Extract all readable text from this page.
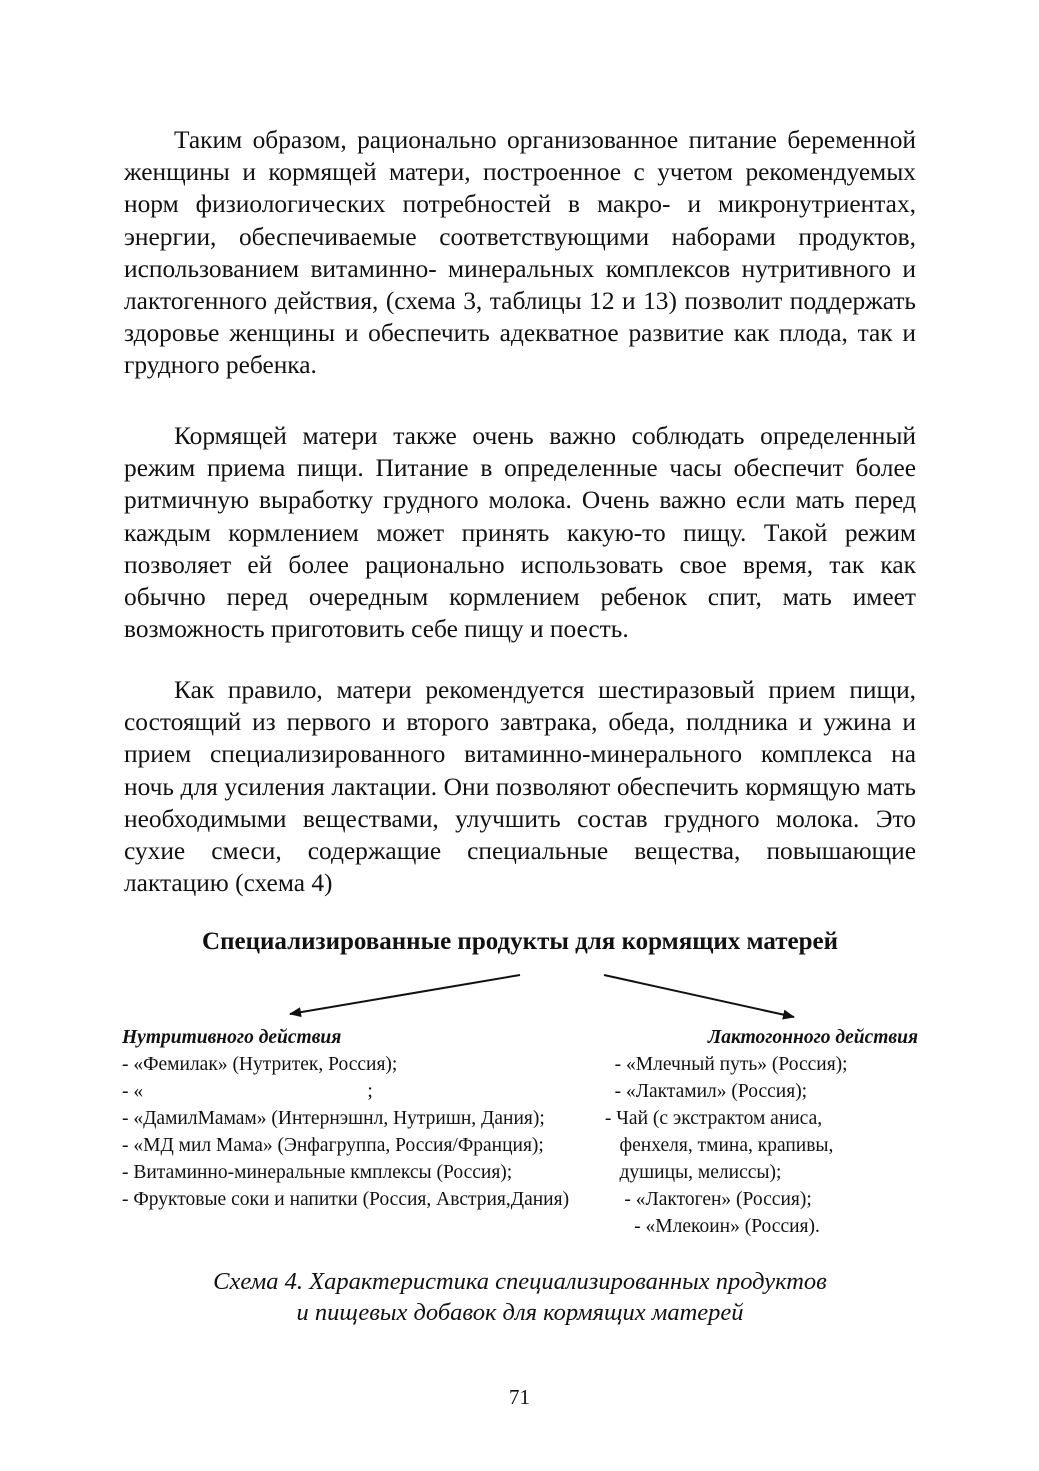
Таким образом, рационально организованное питание беременной женщины и кормящей матери, построенное с учетом рекомендуемых норм физиологических потребностей в макро- и микронутриентах, энергии, обеспечиваемые соответствующими наборами продуктов, использованием витаминно- минеральных комплексов нутритивного и лактогенного действия, (схема 3, таблицы 12 и 13) позволит поддержать здоровье женщины и обеспечить адекватное развитие как плода, так и грудного ребенка.

Кормящей матери также очень важно соблюдать определенный режим приема пищи. Питание в определенные часы обеспечит более ритмичную выработку грудного молока. Очень важно если мать перед каждым кормлением может принять какую-то пищу. Такой режим позволяет ей более рационально использовать свое время, так как обычно перед очередным кормлением ребенок спит, мать имеет возможность приготовить себе пищу и поесть.

Как правило, матери рекомендуется шестиразовый прием пищи, состоящий из первого и второго завтрака, обеда, полдника и ужина и прием специализированного витаминно-минерального комплекса на ночь для усиления лактации. Они позволяют обеспечить кормящую мать необходимыми веществами, улучшить состав грудного молока. Это сухие смеси, содержащие специальные вещества, повышающие лактацию (схема 4)

Специализированные продукты для кормящих матерей

Нутритивного действия
- «Фемилак» (Нутритек, Россия);
- «                                              ;
- «ДамилМамам» (Интернэшнл, Нутришн, Дания);
- «МД мил Мама» (Энфагруппа, Россия/Франция);
- Витаминно-минеральные кмплексы (Россия);
- Фруктовые соки и напитки (Россия, Австрия,Дания)
Лактогонного действия
- «Млечный путь» (Россия);
- «Лактамил» (Россия);
- Чай (с экстрактом аниса,
фенхеля, тмина, крапивы,
душицы, мелиссы);
- «Лактоген» (Россия);
- «Млекоин» (Россия).
Схема 4. Характеристика специализированных продуктов
и пищевых добавок для кормящих матерей
71
